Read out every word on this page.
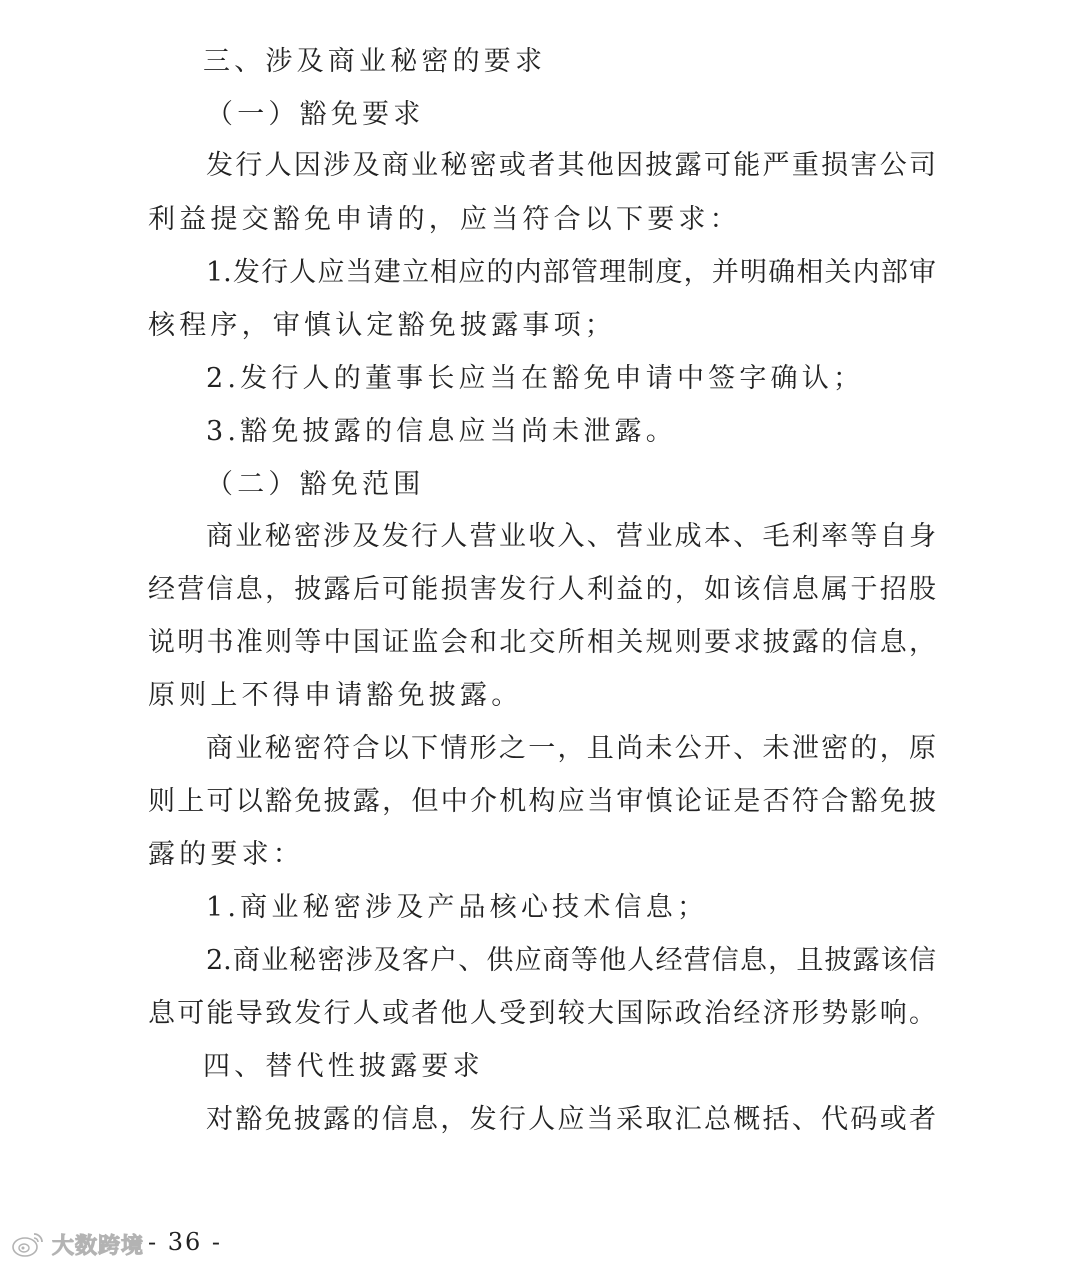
三、涉及商业秘密的要求
（一）豁免要求
发行人因涉及商业秘密或者其他因披露可能严重损害公司
利益提交豁免申请的，应当符合以下要求：
1.发行人应当建立相应的内部管理制度，并明确相关内部审
核程序，审慎认定豁免披露事项；
2.发行人的董事长应当在豁免申请中签字确认；
3.豁免披露的信息应当尚未泄露。
（二）豁免范围
商业秘密涉及发行人营业收入、营业成本、毛利率等自身
经营信息，披露后可能损害发行人利益的，如该信息属于招股
说明书准则等中国证监会和北交所相关规则要求披露的信息，
原则上不得申请豁免披露。
商业秘密符合以下情形之一，且尚未公开、未泄密的，原
则上可以豁免披露，但中介机构应当审慎论证是否符合豁免披
露的要求：
1.商业秘密涉及产品核心技术信息；
2.商业秘密涉及客户、供应商等他人经营信息，且披露该信
息可能导致发行人或者他人受到较大国际政治经济形势影响。
四、替代性披露要求
对豁免披露的信息，发行人应当采取汇总概括、代码或者
- 36 -
大数跨境
